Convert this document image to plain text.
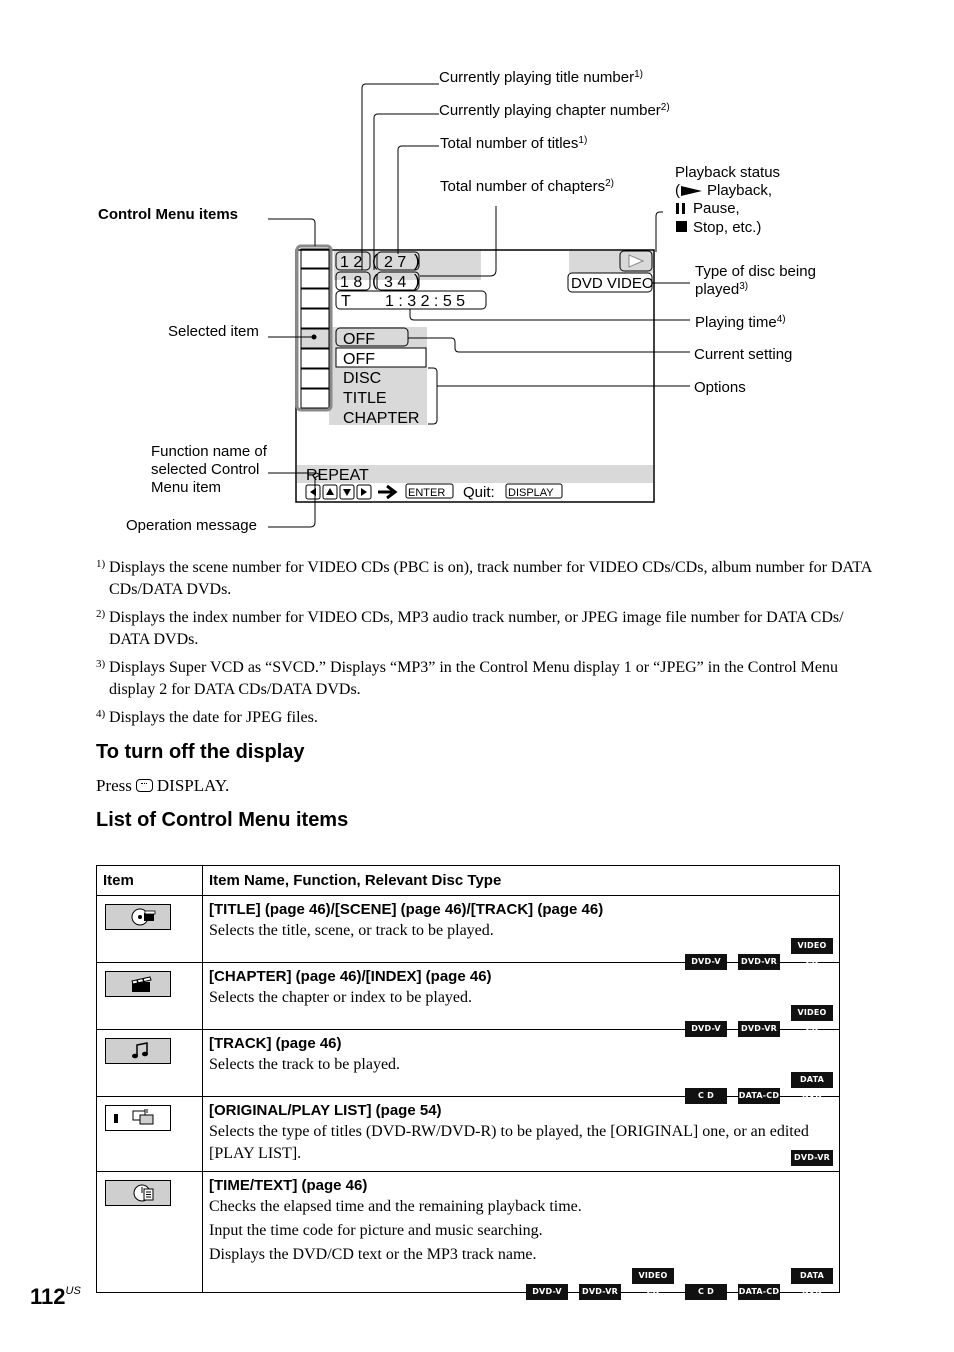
1 2 ( 2 7 )
1 8 ( 3 4 )
T 1 : 3 2 : 5 5
DVD VIDEO
OFF
OFF
DISC
TITLE
CHAPTER
REPEAT
Quit:
ENTER	DISPLAY
Currently playing title number$^{1)}$
Currently playing chapter number$^{2)}$
Total number of titles$^{1)}$
Total number of chapters$^{2)}$
Playback status
( Playback,
Pause,
Stop, etc.)
Type of disc being
played$^{3)}$
Playing time$^{4)}$
Current setting
Options
Control Menu items
Selected item
Function name of
selected Control
Menu item
Operation message
1) Displays the scene number for VIDEO CDs (PBC is on), track number for VIDEO CDs/CDs, album number for DATA CDs/DATA DVDs.
2) Displays the index number for VIDEO CDs, MP3 audio track number, or JPEG image file number for DATA CDs/ DATA DVDs.
3) Displays Super VCD as “SVCD.” Displays “MP3” in the Control Menu display 1 or “JPEG” in the Control Menu display 2 for DATA CDs/DATA DVDs.
4) Displays the date for JPEG files.
To turn off the display
Press DISPLAY.
List of Control Menu items
Item	Item Name, Function, Relevant Disc Type

[TITLE] (page 46)/[SCENE] (page 46)/[TRACK] (page 46)
Selects the title, scene, or track to be played.
DVD-V DVD-VRVIDEO CD

[CHAPTER] (page 46)/[INDEX] (page 46)
Selects the chapter or index to be played.
DVD-V DVD-VRVIDEO CD

[TRACK] (page 46)
Selects the track to be played.
C D DATA-CDDATA DVD

[ORIGINAL/PLAY LIST] (page 54)
Selects the type of titles (DVD-RW/DVD-R) to be played, the [ORIGINAL] one, or an edited [PLAY LIST]. DVD-VR

[TIME/TEXT] (page 46)
Checks the elapsed time and the remaining playback time.
Input the time code for picture and music searching.
Displays the DVD/CD text or the MP3 track name.
DVD-V DVD-VRVIDEO CD C D DATA-CDDATA DVD
$112^{US}$
